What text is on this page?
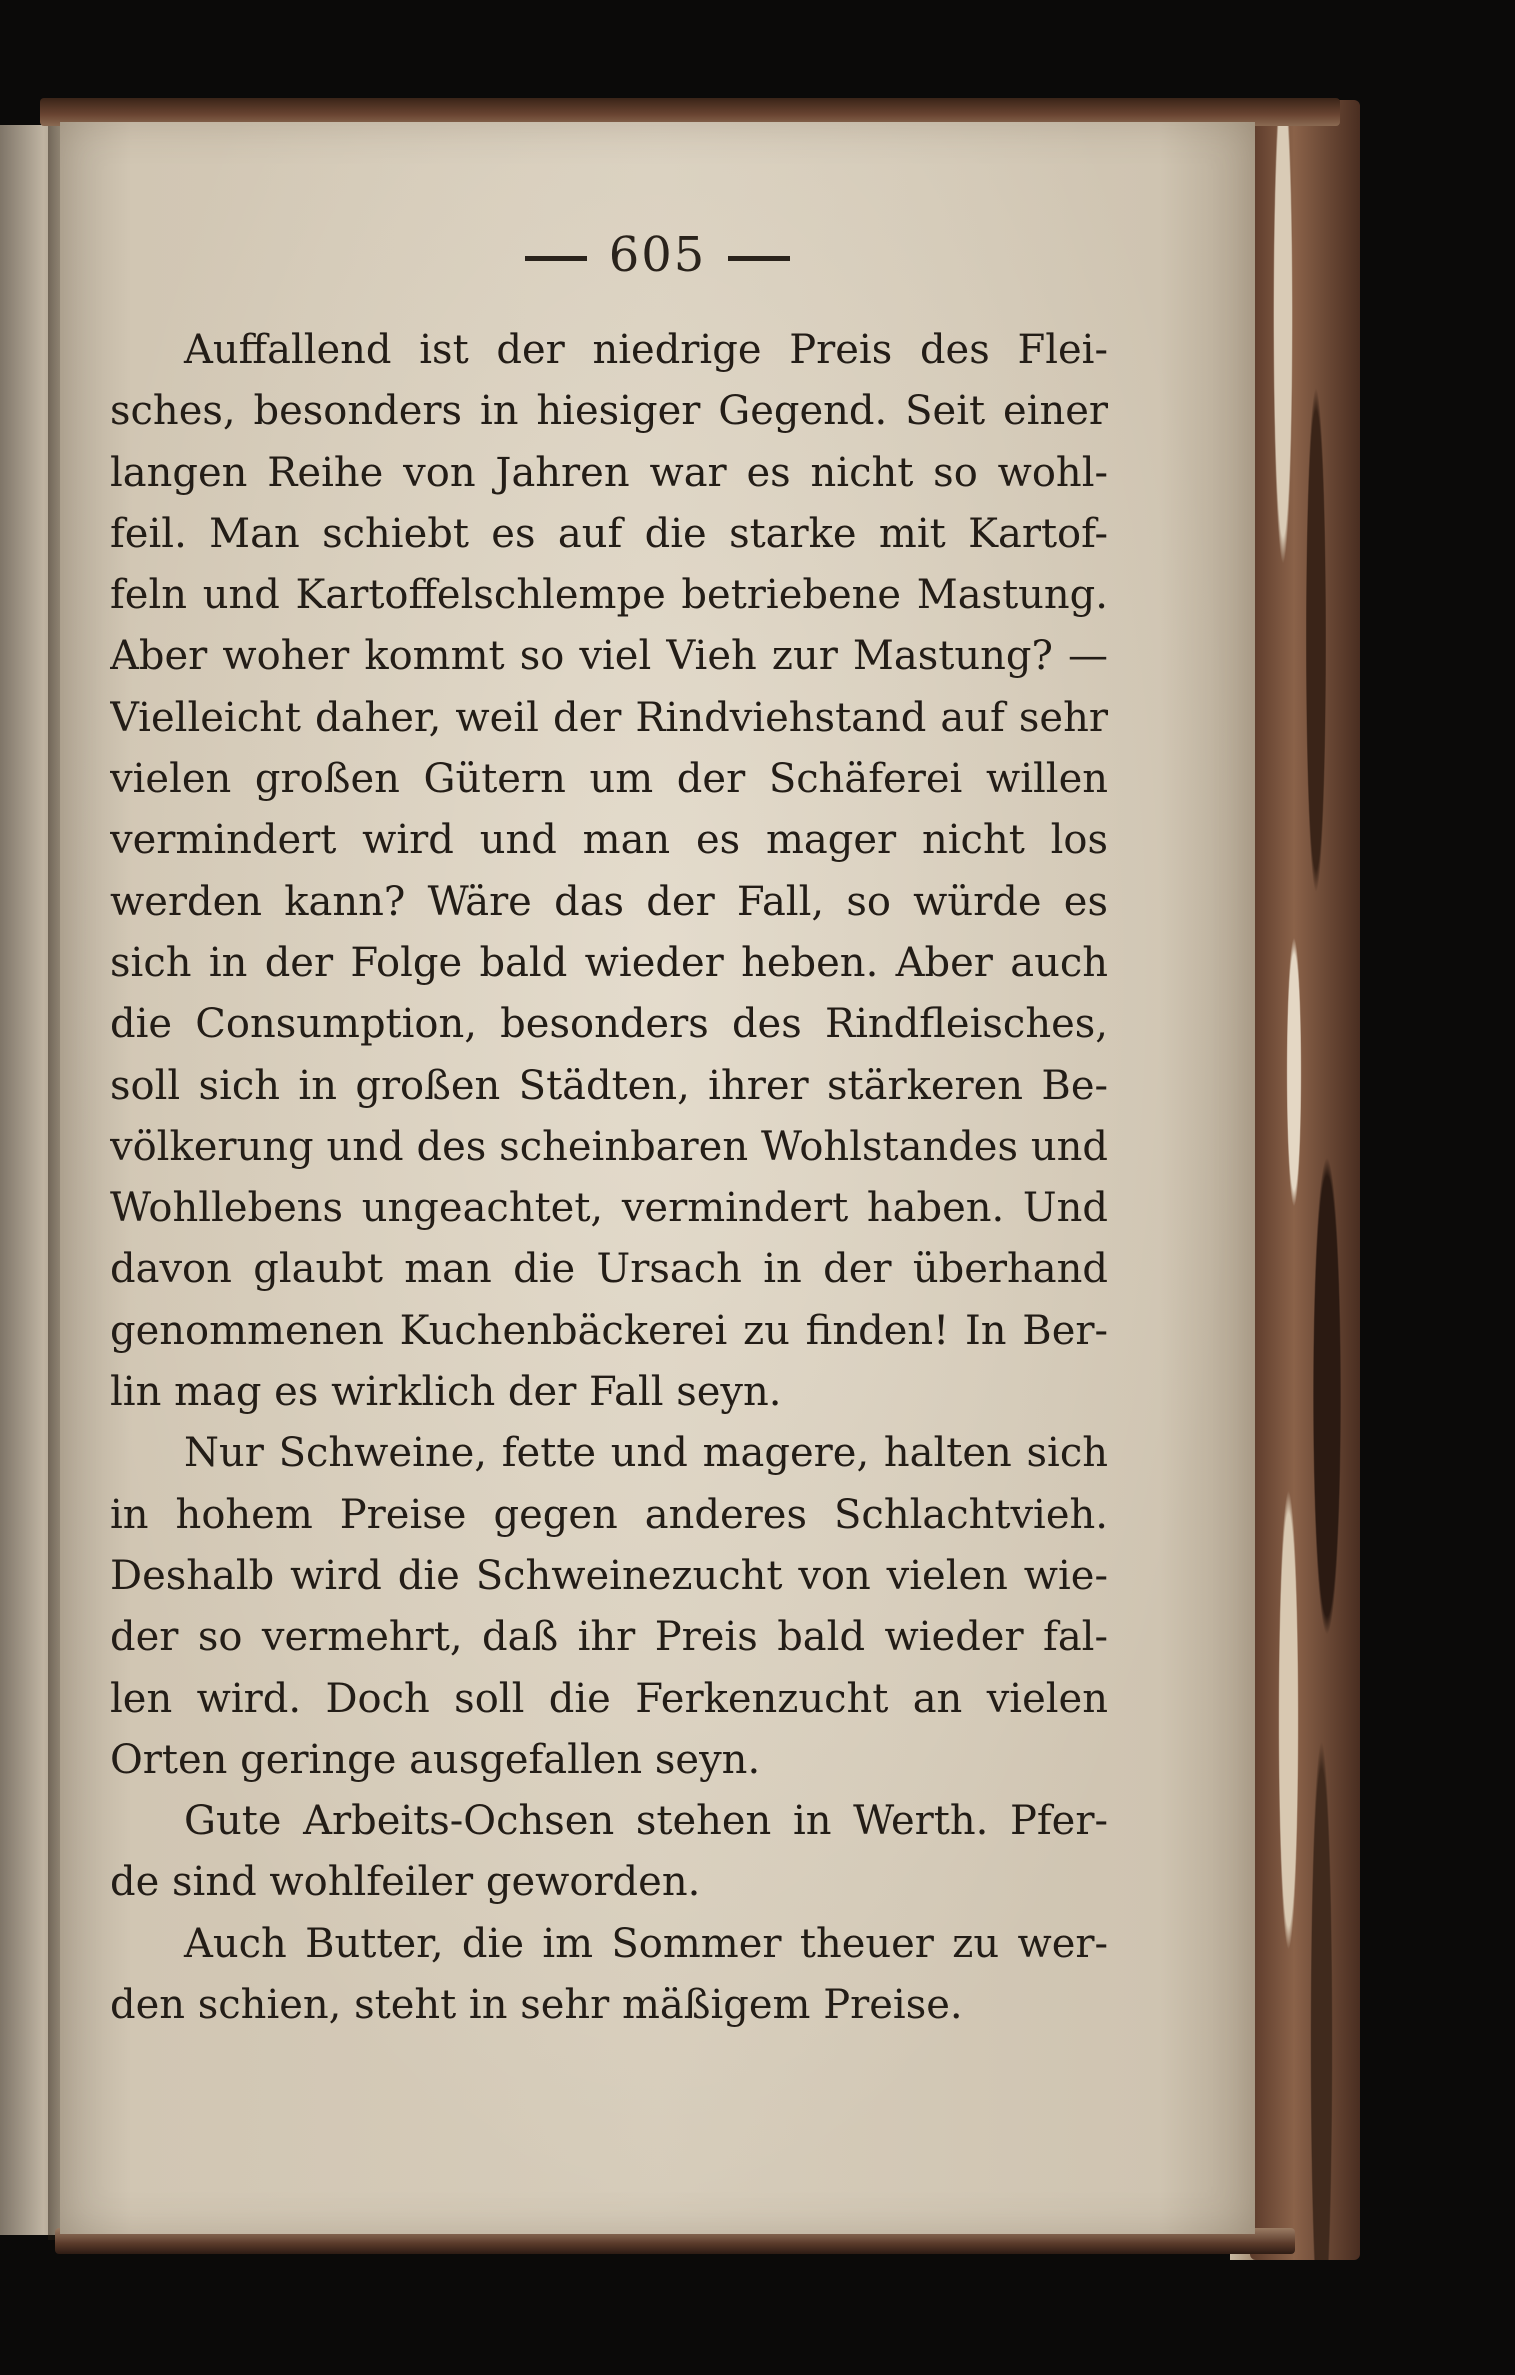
605
Auffallend ist der niedrige Preis des Flei-
sches, besonders in hiesiger Gegend. Seit einer
langen Reihe von Jahren war es nicht so wohl-
feil. Man schiebt es auf die starke mit Kartof-
feln und Kartoffelschlempe betriebene Mastung.
Aber woher kommt so viel Vieh zur Mastung? —
Vielleicht daher, weil der Rindviehstand auf sehr
vielen großen Gütern um der Schäferei willen
vermindert wird und man es mager nicht los
werden kann? Wäre das der Fall, so würde es
sich in der Folge bald wieder heben. Aber auch
die Consumption, besonders des Rindfleisches,
soll sich in großen Städten, ihrer stärkeren Be-
völkerung und des scheinbaren Wohlstandes und
Wohllebens ungeachtet, vermindert haben. Und
davon glaubt man die Ursach in der überhand
genommenen Kuchenbäckerei zu finden! In Ber-
lin mag es wirklich der Fall seyn.
Nur Schweine, fette und magere, halten sich
in hohem Preise gegen anderes Schlachtvieh.
Deshalb wird die Schweinezucht von vielen wie-
der so vermehrt, daß ihr Preis bald wieder fal-
len wird. Doch soll die Ferkenzucht an vielen
Orten geringe ausgefallen seyn.
Gute Arbeits-Ochsen stehen in Werth. Pfer-
de sind wohlfeiler geworden.
Auch Butter, die im Sommer theuer zu wer-
den schien, steht in sehr mäßigem Preise.
